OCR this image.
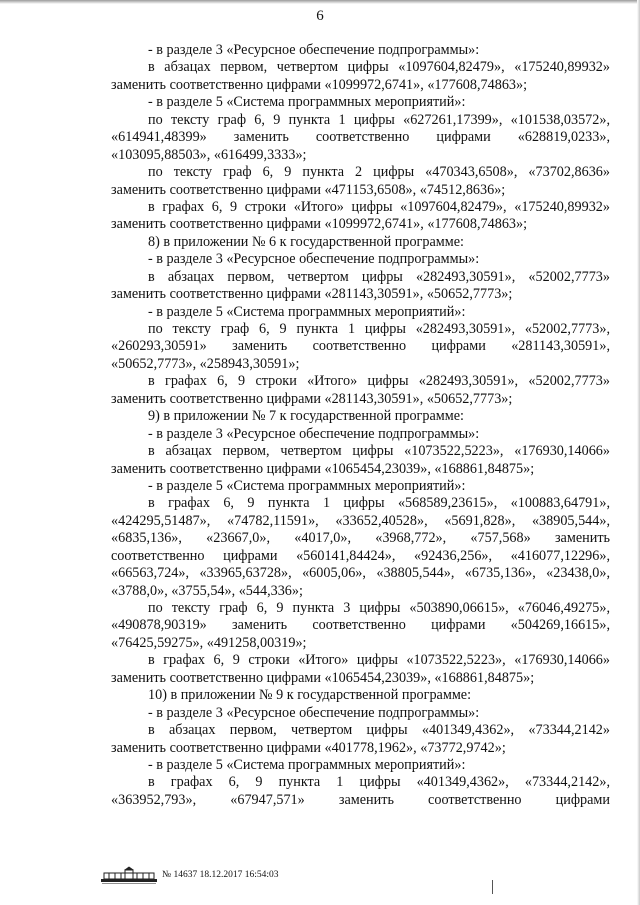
6
- в разделе 3 «Ресурсное обеспечение подпрограммы»:
в абзацах первом, четвертом цифры «1097604,82479», «175240,89932»
заменить соответственно цифрами «1099972,6741», «177608,74863»;
- в разделе 5 «Система программных мероприятий»:
по тексту граф 6, 9 пункта 1 цифры «627261,17399», «101538,03572»,
«614941,48399» заменить соответственно цифрами «628819,0233»,
«103095,88503», «616499,3333»;
по тексту граф 6, 9 пункта 2 цифры «470343,6508», «73702,8636»
заменить соответственно цифрами «471153,6508», «74512,8636»;
в графах 6, 9 строки «Итого» цифры «1097604,82479», «175240,89932»
заменить соответственно цифрами «1099972,6741», «177608,74863»;
8) в приложении № 6 к государственной программе:
- в разделе 3 «Ресурсное обеспечение подпрограммы»:
в абзацах первом, четвертом цифры «282493,30591», «52002,7773»
заменить соответственно цифрами «281143,30591», «50652,7773»;
- в разделе 5 «Система программных мероприятий»:
по тексту граф 6, 9 пункта 1 цифры «282493,30591», «52002,7773»,
«260293,30591» заменить соответственно цифрами «281143,30591»,
«50652,7773», «258943,30591»;
в графах 6, 9 строки «Итого» цифры «282493,30591», «52002,7773»
заменить соответственно цифрами «281143,30591», «50652,7773»;
9) в приложении № 7 к государственной программе:
- в разделе 3 «Ресурсное обеспечение подпрограммы»:
в абзацах первом, четвертом цифры «1073522,5223», «176930,14066»
заменить соответственно цифрами «1065454,23039», «168861,84875»;
- в разделе 5 «Система программных мероприятий»:
в графах 6, 9 пункта 1 цифры «568589,23615», «100883,64791»,
«424295,51487», «74782,11591», «33652,40528», «5691,828», «38905,544»,
«6835,136», «23667,0», «4017,0», «3968,772», «757,568» заменить
соответственно цифрами «560141,84424», «92436,256», «416077,12296»,
«66563,724», «33965,63728», «6005,06», «38805,544», «6735,136», «23438,0»,
«3788,0», «3755,54», «544,336»;
по тексту граф 6, 9 пункта 3 цифры «503890,06615», «76046,49275»,
«490878,90319» заменить соответственно цифрами «504269,16615»,
«76425,59275», «491258,00319»;
в графах 6, 9 строки «Итого» цифры «1073522,5223», «176930,14066»
заменить соответственно цифрами «1065454,23039», «168861,84875»;
10) в приложении № 9 к государственной программе:
- в разделе 3 «Ресурсное обеспечение подпрограммы»:
в абзацах первом, четвертом цифры «401349,4362», «73344,2142»
заменить соответственно цифрами «401778,1962», «73772,9742»;
- в разделе 5 «Система программных мероприятий»:
в графах 6, 9 пункта 1 цифры «401349,4362», «73344,2142»,
«363952,793», «67947,571» заменить соответственно цифрами
№ 14637 18.12.2017 16:54:03
